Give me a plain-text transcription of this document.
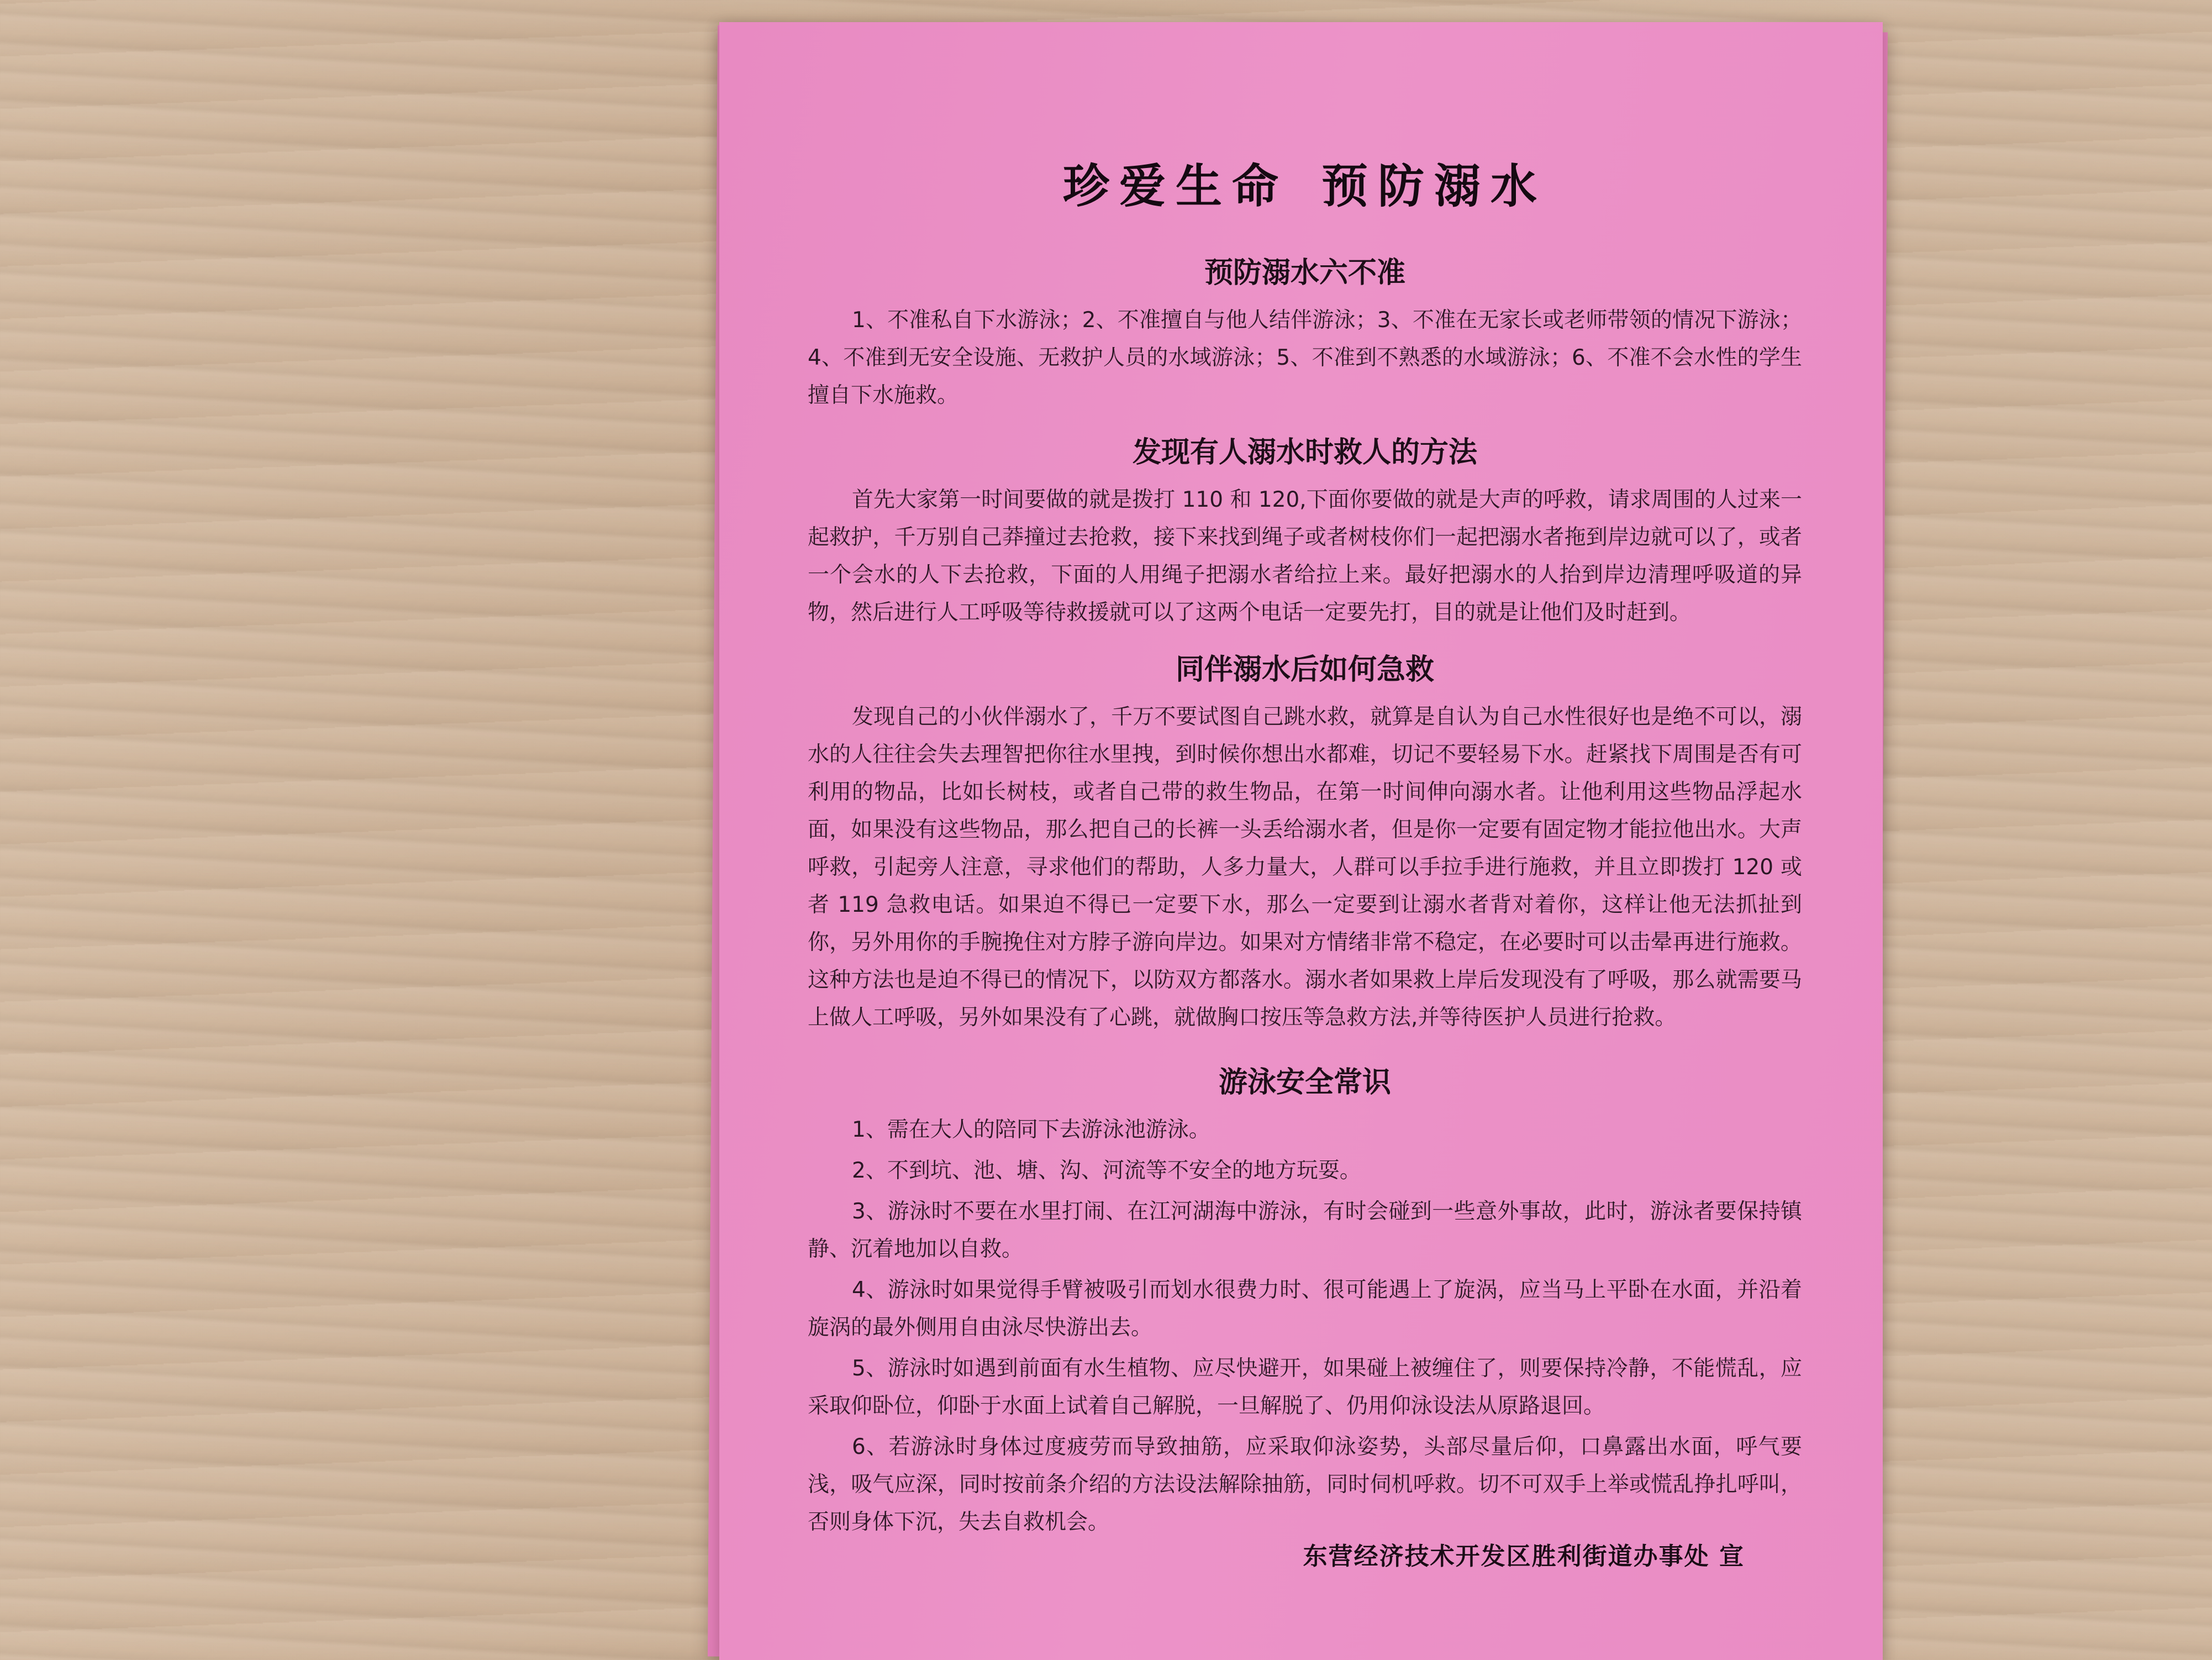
珍爱生命 预防溺水
预防溺水六不准

1、不准私自下水游泳；2、不准擅自与他人结伴游泳；3、不准在无家长或老师带领的情况下游泳；4、不准到无安全设施、无救护人员的水域游泳；5、不准到不熟悉的水域游泳；6、不准不会水性的学生擅自下水施救。

发现有人溺水时救人的方法

首先大家第一时间要做的就是拨打 110 和 120,下面你要做的就是大声的呼救，请求周围的人过来一起救护，千万别自己莽撞过去抢救，接下来找到绳子或者树枝你们一起把溺水者拖到岸边就可以了，或者一个会水的人下去抢救，下面的人用绳子把溺水者给拉上来。最好把溺水的人抬到岸边清理呼吸道的异物，然后进行人工呼吸等待救援就可以了这两个电话一定要先打，目的就是让他们及时赶到。

同伴溺水后如何急救

发现自己的小伙伴溺水了，千万不要试图自己跳水救，就算是自认为自己水性很好也是绝不可以，溺水的人往往会失去理智把你往水里拽，到时候你想出水都难，切记不要轻易下水。赶紧找下周围是否有可利用的物品，比如长树枝，或者自己带的救生物品，在第一时间伸向溺水者。让他利用这些物品浮起水面，如果没有这些物品，那么把自己的长裤一头丢给溺水者，但是你一定要有固定物才能拉他出水。大声呼救，引起旁人注意，寻求他们的帮助，人多力量大，人群可以手拉手进行施救，并且立即拨打 120 或者 119 急救电话。如果迫不得已一定要下水，那么一定要到让溺水者背对着你，这样让他无法抓扯到你，另外用你的手腕挽住对方脖子游向岸边。如果对方情绪非常不稳定，在必要时可以击晕再进行施救。这种方法也是迫不得已的情况下，以防双方都落水。溺水者如果救上岸后发现没有了呼吸，那么就需要马上做人工呼吸，另外如果没有了心跳，就做胸口按压等急救方法,并等待医护人员进行抢救。

游泳安全常识

1、需在大人的陪同下去游泳池游泳。

2、不到坑、池、塘、沟、河流等不安全的地方玩耍。

3、游泳时不要在水里打闹、在江河湖海中游泳，有时会碰到一些意外事故，此时，游泳者要保持镇静、沉着地加以自救。

4、游泳时如果觉得手臂被吸引而划水很费力时、很可能遇上了旋涡，应当马上平卧在水面，并沿着旋涡的最外侧用自由泳尽快游出去。

5、游泳时如遇到前面有水生植物、应尽快避开，如果碰上被缠住了，则要保持冷静，不能慌乱，应采取仰卧位，仰卧于水面上试着自己解脱，一旦解脱了、仍用仰泳设法从原路退回。

6、若游泳时身体过度疲劳而导致抽筋，应采取仰泳姿势，头部尽量后仰，口鼻露出水面，呼气要浅，吸气应深，同时按前条介绍的方法设法解除抽筋，同时伺机呼救。切不可双手上举或慌乱挣扎呼叫，否则身体下沉，失去自救机会。

东营经济技术开发区胜利街道办事处 宣
